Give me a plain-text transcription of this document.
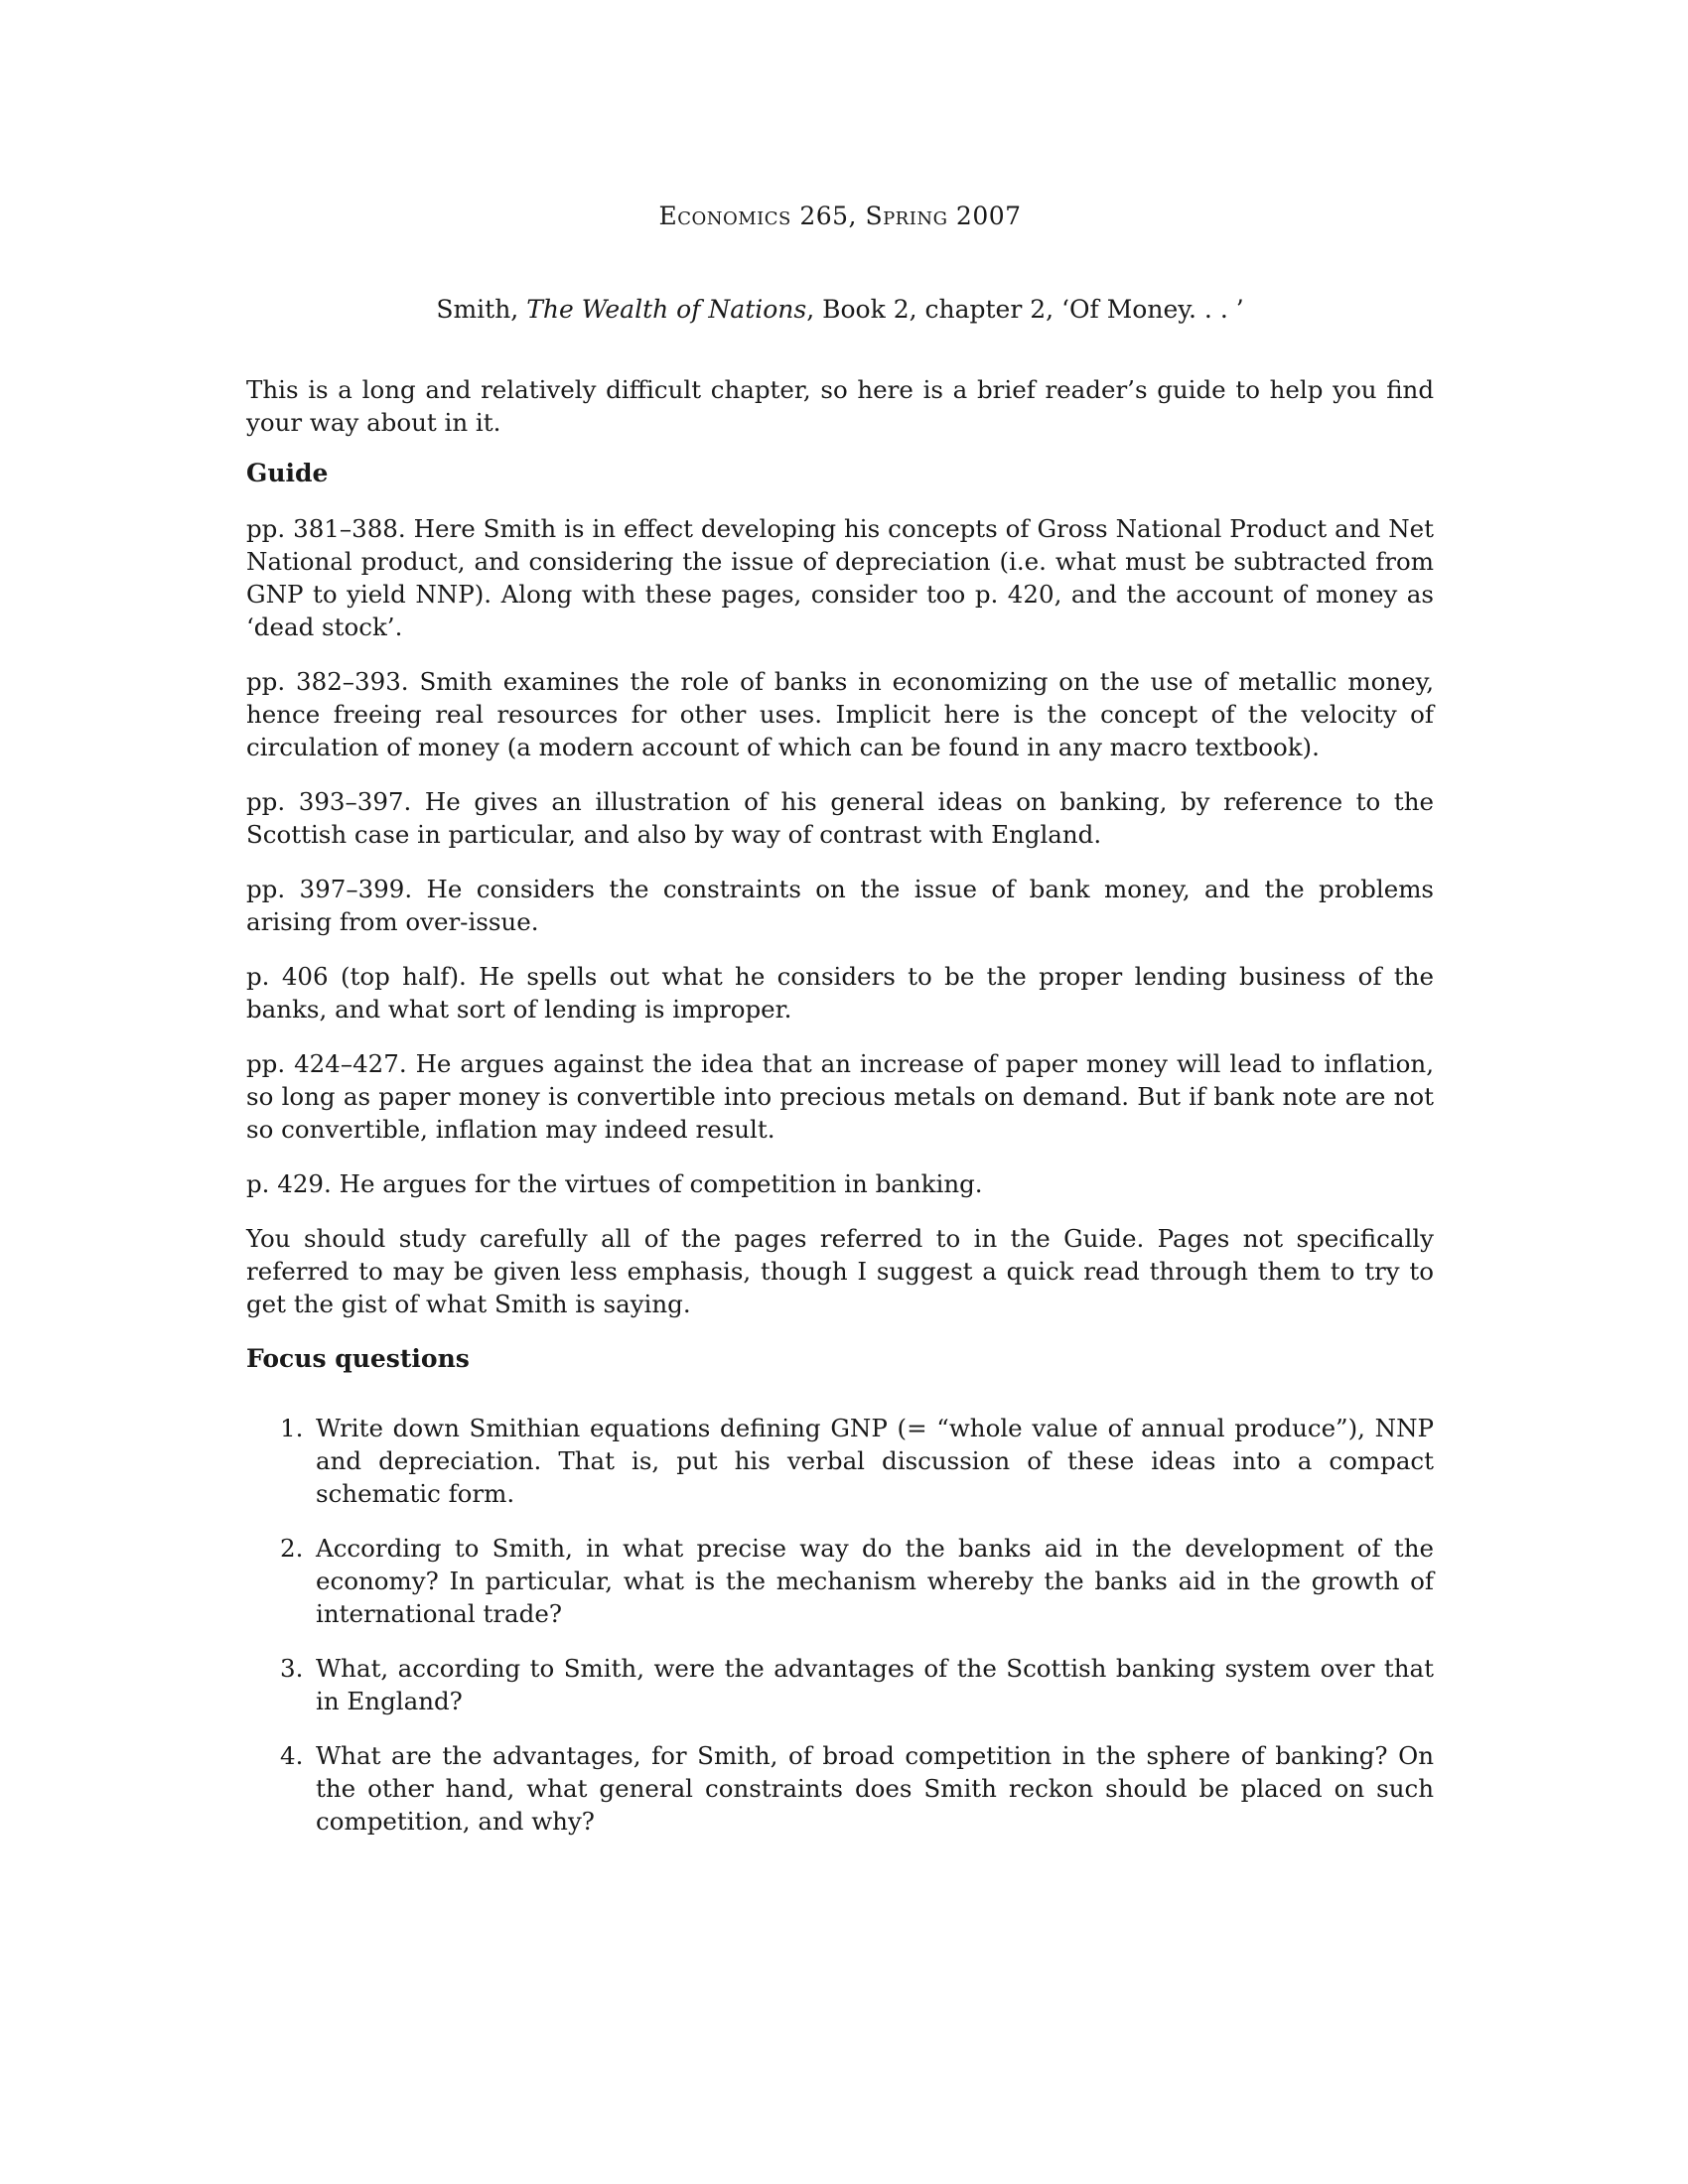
Economics 265, Spring 2007
Smith, The Wealth of Nations, Book 2, chapter 2, ‘Of Money. . . ’

This is a long and relatively difficult chapter, so here is a brief reader’s guide to help you find your way about in it.

Guide

pp. 381–388. Here Smith is in effect developing his concepts of Gross National Product and Net National product, and considering the issue of depreciation (i.e. what must be subtracted from GNP to yield NNP). Along with these pages, consider too p. 420, and the account of money as ‘dead stock’.

pp. 382–393. Smith examines the role of banks in economizing on the use of metallic money, hence freeing real resources for other uses. Implicit here is the concept of the velocity of circulation of money (a modern account of which can be found in any macro textbook).

pp. 393–397. He gives an illustration of his general ideas on banking, by reference to the Scottish case in particular, and also by way of contrast with England.

pp. 397–399. He considers the constraints on the issue of bank money, and the problems arising from over-issue.

p. 406 (top half). He spells out what he considers to be the proper lending business of the banks, and what sort of lending is improper.

pp. 424–427. He argues against the idea that an increase of paper money will lead to inflation, so long as paper money is convertible into precious metals on demand. But if bank note are not so convertible, inflation may indeed result.

p. 429. He argues for the virtues of competition in banking.

You should study carefully all of the pages referred to in the Guide. Pages not specifically referred to may be given less emphasis, though I suggest a quick read through them to try to get the gist of what Smith is saying.

Focus questions
1. Write down Smithian equations defining GNP (= “whole value of annual produce”), NNP and depreciation. That is, put his verbal discussion of these ideas into a compact schematic form.
2. According to Smith, in what precise way do the banks aid in the development of the economy? In particular, what is the mechanism whereby the banks aid in the growth of international trade?
3. What, according to Smith, were the advantages of the Scottish banking system over that in England?
4. What are the advantages, for Smith, of broad competition in the sphere of banking? On the other hand, what general constraints does Smith reckon should be placed on such competition, and why?
